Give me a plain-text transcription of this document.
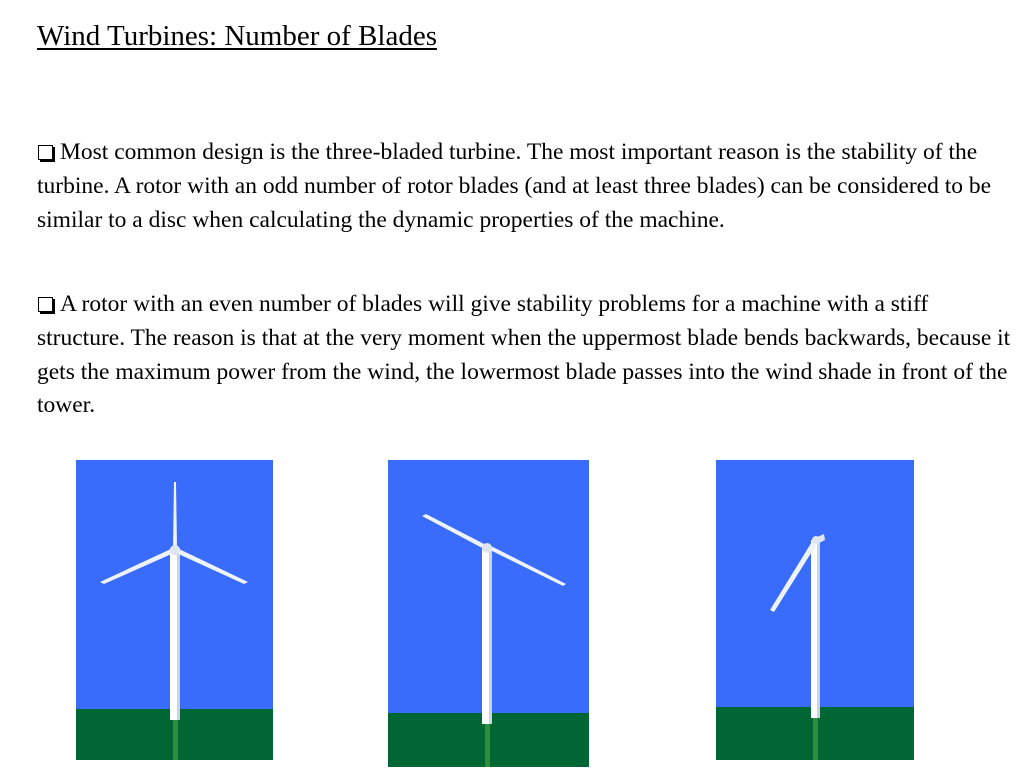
Wind Turbines: Number of Blades

Most common design is the three-bladed turbine. The most important reason is the stability of the turbine. A rotor with an odd number of rotor blades (and at least three blades) can be considered to be similar to a disc when calculating the dynamic properties of the machine.

A rotor with an even number of blades will give stability problems for a machine with a stiff structure. The reason is that at the very moment when the uppermost blade bends backwards, because it gets the maximum power from the wind, the lowermost blade passes into the wind shade in front of the tower.
